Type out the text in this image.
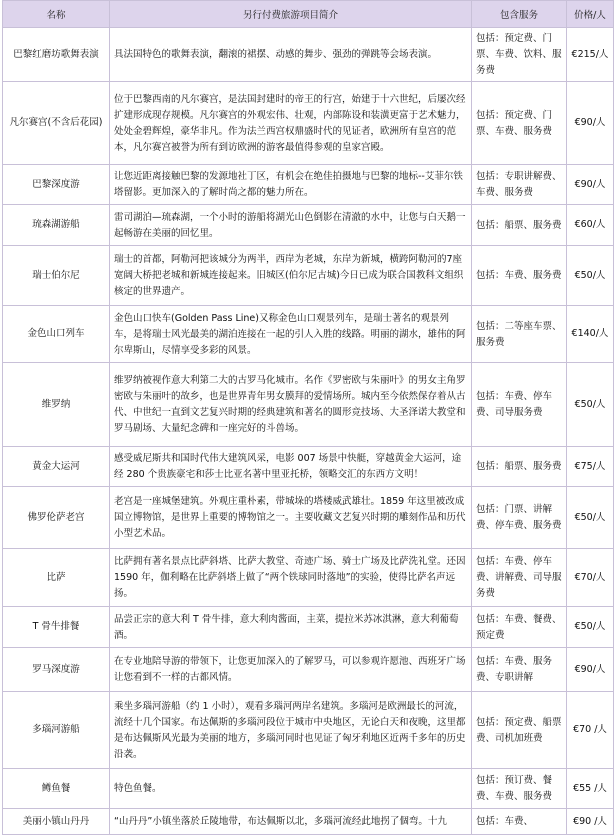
名称	另行付费旅游项目简介	包含服务	价格/人
巴黎红磨坊歌舞表演	具法国特色的歌舞表演，翻滚的裙摆、动感的舞步、强劲的弹跳等会场表演。	包括：预定费、门票、车费、饮料、服务费	€215/人
凡尔赛宫(不含后花园)	位于巴黎西南的凡尔赛宫，是法国封建时的帝王的行宫，始建于十六世纪，后屡次经扩建形成现存规模。凡尔赛宫的外观宏伟、壮观，内部陈设和装潢更富于艺术魅力，处处金碧辉煌，豪华非凡。作为法兰西宫权鼎盛时代的见证者，欧洲所有皇宫的范本，凡尔赛宫被誉为所有到访欧洲的游客最值得参观的皇家宫殿。	包括：预定费、门票、车费、服务费	€90/人
巴黎深度游	让您近距离接触巴黎的发源地社丁区，有机会在绝佳拍摄地与巴黎的地标--艾菲尔铁塔留影。更加深入的了解时尚之都的魅力所在。	包括：专职讲解费、车费、服务费	€90/人
琉森湖游船	雷司湖泊—琉森湖，一个小时的游船将湖光山色倒影在清澈的水中，让您与白天鹅一起畅游在美丽的回忆里。	包括：船票、服务费	€60/人
瑞士伯尔尼	瑞士的首都，阿勒河把该城分为两半，西岸为老城，东岸为新城，横跨阿勒河的7座宽阔大桥把老城和新城连接起来。旧城区(伯尔尼古城)今日已成为联合国教科文组织核定的世界遗产。	包括：车费、服务费	€50/人
金色山口列车	金色山口快车(Golden Pass Line)又称金色山口观景列车，是瑞士著名的观景列车，是将瑞士风光最美的湖泊连接在一起的引人入胜的线路。明丽的湖水，雄伟的阿尔卑斯山，尽情享受多彩的风景。	包括：二等座车票、服务费	€140/人
维罗纳	维罗纳被视作意大利第二大的古罗马化城市。名作《罗密欧与朱丽叶》的男女主角罗密欧与朱丽叶的故乡，也是世界青年男女膜拜的爱情场所。城内至今依然保存着从古代、中世纪一直到文艺复兴时期的经典建筑和著名的圆形竞技场、大圣泽诺大教堂和罗马剧场、大量纪念碑和一座完好的斗兽场。	包括：车费、停车费、司导服务费	€50/人
黄金大运河	感受威尼斯共和国时代伟大建筑风采，电影 007 场景中快艇，穿越黄金大运河，途经 280 个贵族豪宅和莎士比亚名著中里亚托桥，领略交汇的东西方文明！	包括：船票、服务费	€75/人
佛罗伦萨老宫	老宫是一座城堡建筑。外观庄重朴素，带城垛的塔楼威武雄壮。1859 年这里被改成国立博物馆，是世界上重要的博物馆之一。主要收藏文艺复兴时期的雕刻作品和历代小型艺术品。	包括：门票、讲解费、停车费、服务费	€50/人
比萨	比萨拥有著名景点比萨斜塔、比萨大教堂、奇迹广场、骑士广场及比萨洗礼堂。还因 1590 年，伽利略在比萨斜塔上做了“两个铁球同时落地”的实验，使得比萨名声远扬。	包括：车费、停车费、讲解费、司导服务费	€70/人
T 骨牛排餐	品尝正宗的意大利 T 骨牛排，意大利肉酱面，主菜，提拉米苏冰淇淋，意大利葡萄酒。	包括：车费、餐费、预定费	€50/人
罗马深度游	在专业地陪导游的带领下，让您更加深入的了解罗马，可以参观许愿池、西班牙广场让您看到不一样的古都风情。	包括：车费、服务费、专职讲解	€90/人
多瑙河游船	乘坐多瑙河游船（约 1 小时），观看多瑙河两岸名建筑。多瑙河是欧洲最长的河流，流经十几个国家。布达佩斯的多瑙河段位于城市中央地区，无论白天和夜晚，这里都是布达佩斯风光最为美丽的地方，多瑙河同时也见证了匈牙利地区近两千多年的历史沿袭。	包括：预定费、船票费、司机加班费	€70 /人
鳟鱼餐	特色鱼餐。	包括：预订费、餐费、车费、服务费	€55 /人
美丽小镇山丹丹	“山丹丹”小镇坐落於丘陵地带，布达佩斯以北，多瑙河流经此地拐了個弯。十九	包括：车费、	€90 /人
